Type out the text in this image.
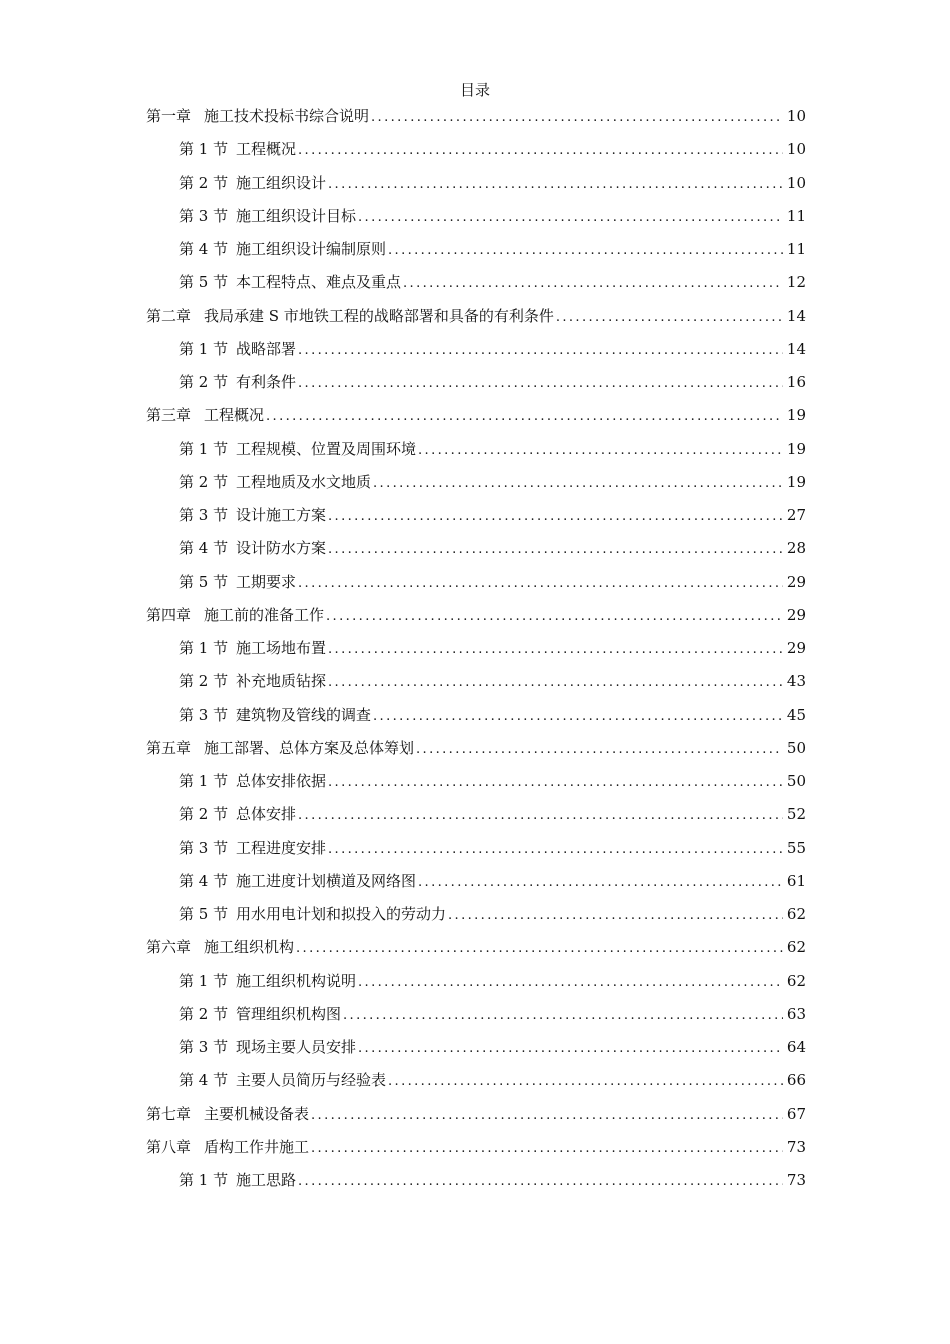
目录
第一章 施工技术投标书综合说明 .....	10
第 1 节 工程概况 .....	10
第 2 节 施工组织设计 .....	10
第 3 节 施工组织设计目标 .....	11
第 4 节 施工组织设计编制原则 .....	11
第 5 节 本工程特点、难点及重点 .....	12
第二章 我局承建 S 市地铁工程的战略部署和具备的有利条件 .....	14
第 1 节 战略部署 .....	14
第 2 节 有利条件 .....	16
第三章 工程概况 .....	19
第 1 节 工程规模、位置及周围环境 .....	19
第 2 节 工程地质及水文地质 .....	19
第 3 节 设计施工方案 .....	27
第 4 节 设计防水方案 .....	28
第 5 节 工期要求 .....	29
第四章 施工前的准备工作 .....	29
第 1 节 施工场地布置 .....	29
第 2 节 补充地质钻探 .....	43
第 3 节 建筑物及管线的调查 .....	45
第五章 施工部署、总体方案及总体筹划 .....	50
第 1 节 总体安排依据 .....	50
第 2 节 总体安排 .....	52
第 3 节 工程进度安排 .....	55
第 4 节 施工进度计划横道及网络图 .....	61
第 5 节 用水用电计划和拟投入的劳动力 .....	62
第六章 施工组织机构 .....	62
第 1 节 施工组织机构说明 .....	62
第 2 节 管理组织机构图 .....	63
第 3 节 现场主要人员安排 .....	64
第 4 节 主要人员简历与经验表 .....	66
第七章 主要机械设备表 .....	67
第八章 盾构工作井施工 .....	73
第 1 节 施工思路 .....	73
